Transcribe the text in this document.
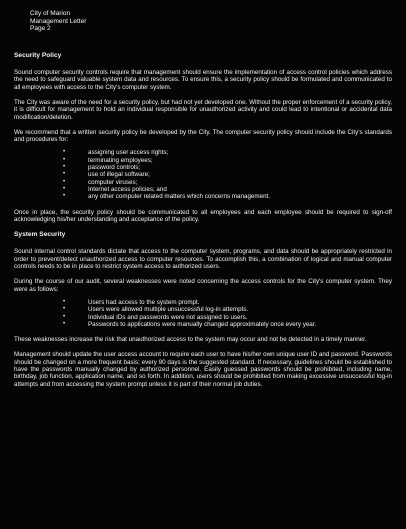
City of Marion
Management Letter
Page 2
Security Policy

Sound computer security controls require that management should ensure the implementation of access control policies which address the need to safeguard valuable system data and resources. To ensure this, a security policy should be formulated and communicated to all employees with access to the City's computer system.

The City was aware of the need for a security policy, but had not yet developed one. Without the proper enforcement of a security policy, it is difficult for management to hold an individual responsible for unauthorized activity and could lead to intentional or accidental data modification/deletion.

We recommend that a written security policy be developed by the City. The computer security policy should include the City's standards and procedures for:

• assigning user access rights;
• terminating employees;
• password controls;
• use of illegal software;
• computer viruses;
• Internet access policies; and
• any other computer related matters which concerns management.

Once in place, the security policy should be communicated to all employees and each employee should be required to sign-off acknowledging his/her understanding and acceptance of the policy.

System Security

Sound internal control standards dictate that access to the computer system, programs, and data should be appropriately restricted in order to prevent/detect unauthorized access to computer resources. To accomplish this, a combination of logical and manual computer controls needs to be in place to restrict system access to authorized users.

During the course of our audit, several weaknesses were noted concerning the access controls for the City's computer system. They were as follows:

• Users had access to the system prompt.
• Users were allowed multiple unsuccessful log-in attempts.
• Individual IDs and passwords were not assigned to users.
• Passwords to applications were manually changed approximately once every year.

These weaknesses increase the risk that unauthorized access to the system may occur and not be detected in a timely manner.

Management should update the user access account to require each user to have his/her own unique user ID and password. Passwords should be changed on a more frequent basis; every 90 days is the suggested standard. If necessary, guidelines should be established to have the passwords manually changed by authorized personnel. Easily guessed passwords should be prohibited, including name, birthday, job function, application name, and so forth. In addition, users should be prohibited from making excessive unsuccessful log-in attempts and from accessing the system prompt unless it is part of their normal job duties.
